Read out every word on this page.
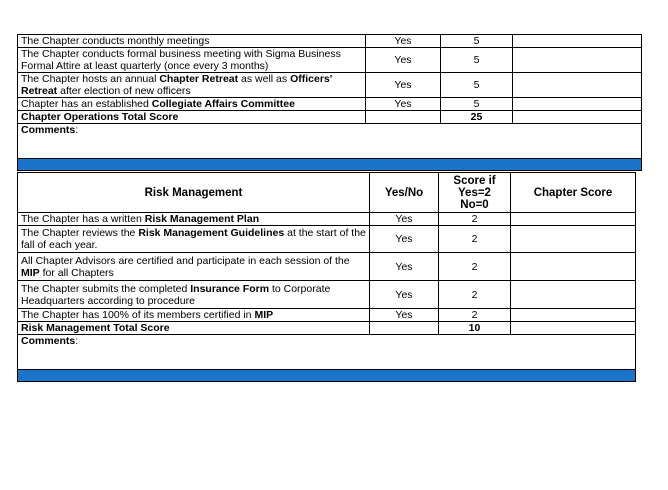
The Chapter conducts monthly meetings	Yes	5	
The Chapter conducts formal business meeting with Sigma Business Formal Attire at least quarterly (once every 3 months)	Yes	5	
The Chapter hosts an annual Chapter Retreat as well as Officers' Retreat after election of new officers	Yes	5	
Chapter has an established Collegiate Affairs Committee	Yes	5	
Chapter Operations Total Score		25	
Comments:			

Risk Management	Yes/No	Score if Yes=2 No=0	Chapter Score
The Chapter has a written Risk Management Plan	Yes	2	
The Chapter reviews the Risk Management Guidelines at the start of the fall of each year.	Yes	2	
All Chapter Advisors are certified and participate in each session of the MIP for all Chapters	Yes	2	
The Chapter submits the completed Insurance Form to Corporate Headquarters according to procedure	Yes	2	
The Chapter has 100% of its members certified in MIP	Yes	2	
Risk Management Total Score		10	
Comments:			
